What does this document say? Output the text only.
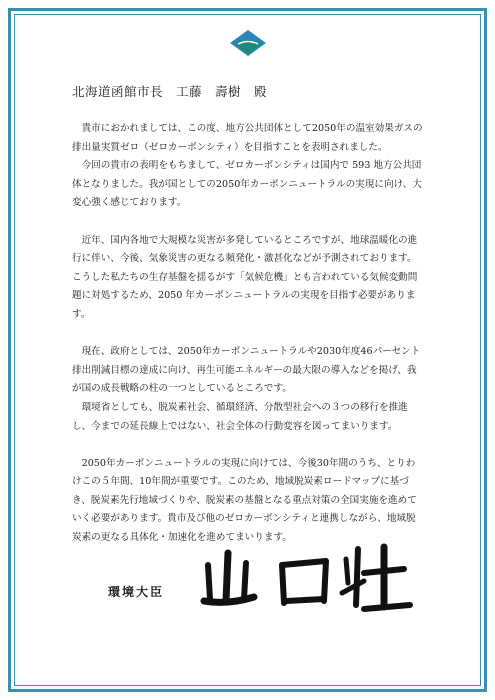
北海道函館市長　工藤　壽樹　殿

貴市におかれましては、この度、地方公共団体として2050年の温室効果ガスの排出量実質ゼロ（ゼロカーボンシティ）を目指すことを表明されました。

今回の貴市の表明をもちまして、ゼロカーボンシティは国内で 593 地方公共団体となりました。我が国としての2050年カーボンニュートラルの実現に向け、大変心強く感じております。

近年、国内各地で大規模な災害が多発しているところですが、地球温暖化の進行に伴い、今後、気象災害の更なる頻発化・激甚化などが予測されております。こうした私たちの生存基盤を揺るがす「気候危機」とも言われている気候変動問題に対処するため、2050 年カーボンニュートラルの実現を目指す必要があります。

現在、政府としては、2050年カーボンニュートラルや2030年度46パーセント排出削減目標の達成に向け、再生可能エネルギーの最大限の導入などを掲げ、我が国の成長戦略の柱の一つとしているところです。

環境省としても、脱炭素社会、循環経済、分散型社会への３つの移行を推進し、今までの延長線上ではない、社会全体の行動変容を図ってまいります。

2050年カーボンニュートラルの実現に向けては、今後30年間のうち、とりわけこの５年間、10年間が重要です。このため、地域脱炭素ロードマップに基づき、脱炭素先行地域づくりや、脱炭素の基盤となる重点対策の全国実施を進めていく必要があります。貴市及び他のゼロカーボンシティと連携しながら、地域脱炭素の更なる具体化・加速化を進めてまいります。

環境大臣
